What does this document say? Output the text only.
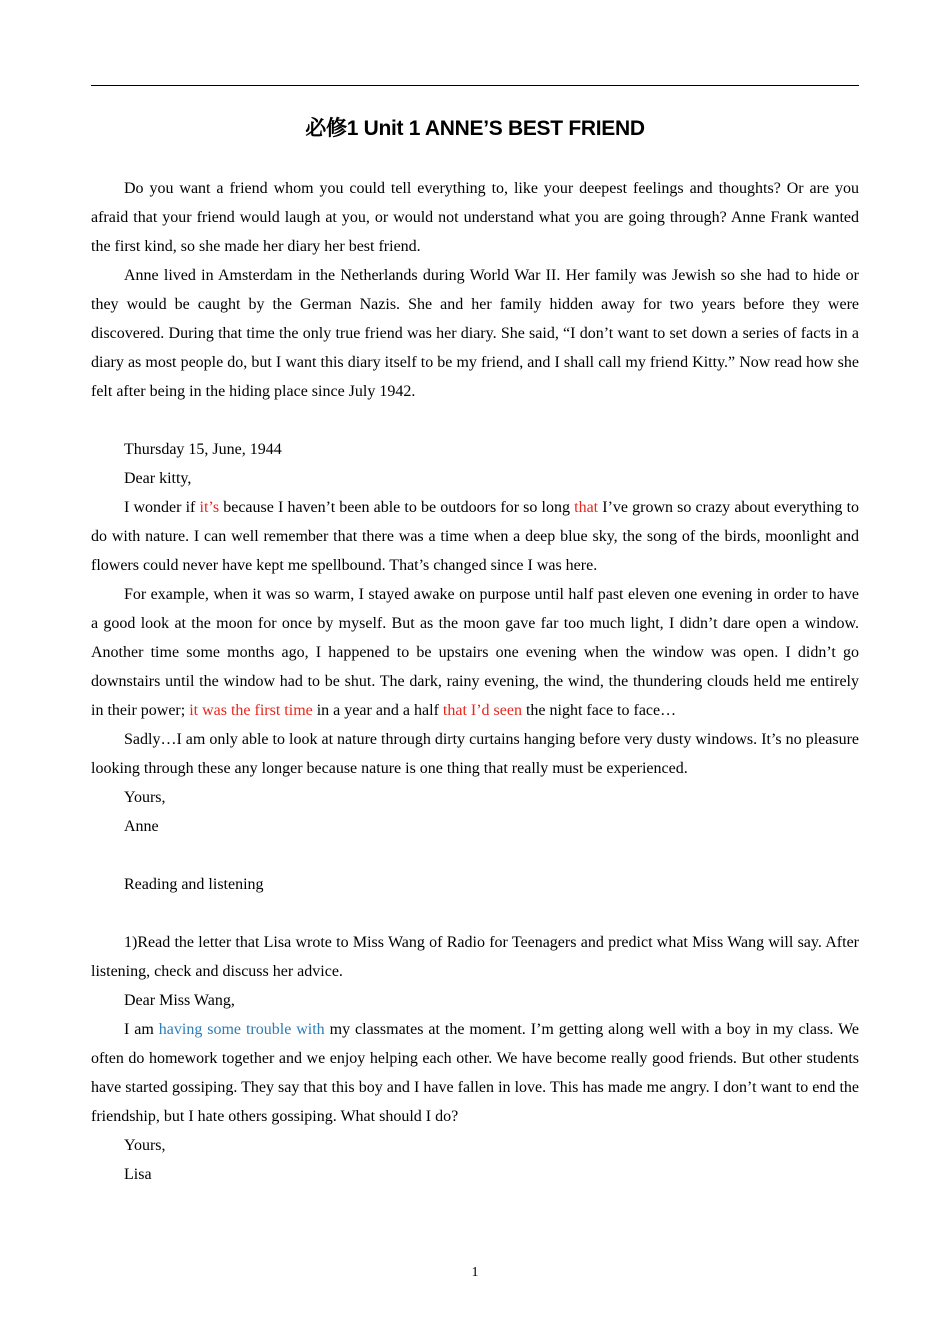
必修1 Unit 1 ANNE’S BEST FRIEND

Do you want a friend whom you could tell everything to, like your deepest feelings and thoughts? Or are you afraid that your friend would laugh at you, or would not understand what you are going through? Anne Frank wanted the first kind, so she made her diary her best friend.

Anne lived in Amsterdam in the Netherlands during World War II. Her family was Jewish so she had to hide or they would be caught by the German Nazis. She and her family hidden away for two years before they were discovered. During that time the only true friend was her diary. She said, “I don’t want to set down a series of facts in a diary as most people do, but I want this diary itself to be my friend, and I shall call my friend Kitty.” Now read how she felt after being in the hiding place since July 1942.

Thursday 15, June, 1944

Dear kitty,

I wonder if it’s because I haven’t been able to be outdoors for so long that I’ve grown so crazy about everything to do with nature. I can well remember that there was a time when a deep blue sky, the song of the birds, moonlight and flowers could never have kept me spellbound. That’s changed since I was here.

For example, when it was so warm, I stayed awake on purpose until half past eleven one evening in order to have a good look at the moon for once by myself. But as the moon gave far too much light, I didn’t dare open a window. Another time some months ago, I happened to be upstairs one evening when the window was open. I didn’t go downstairs until the window had to be shut. The dark, rainy evening, the wind, the thundering clouds held me entirely in their power; it was the first time in a year and a half that I’d seen the night face to face…

Sadly…I am only able to look at nature through dirty curtains hanging before very dusty windows. It’s no pleasure looking through these any longer because nature is one thing that really must be experienced.

Yours,

Anne

Reading and listening

1)Read the letter that Lisa wrote to Miss Wang of Radio for Teenagers and predict what Miss Wang will say. After listening, check and discuss her advice.

Dear Miss Wang,

I am having some trouble with my classmates at the moment. I’m getting along well with a boy in my class. We often do homework together and we enjoy helping each other. We have become really good friends. But other students have started gossiping. They say that this boy and I have fallen in love. This has made me angry. I don’t want to end the friendship, but I hate others gossiping. What should I do?

Yours,

Lisa

1
